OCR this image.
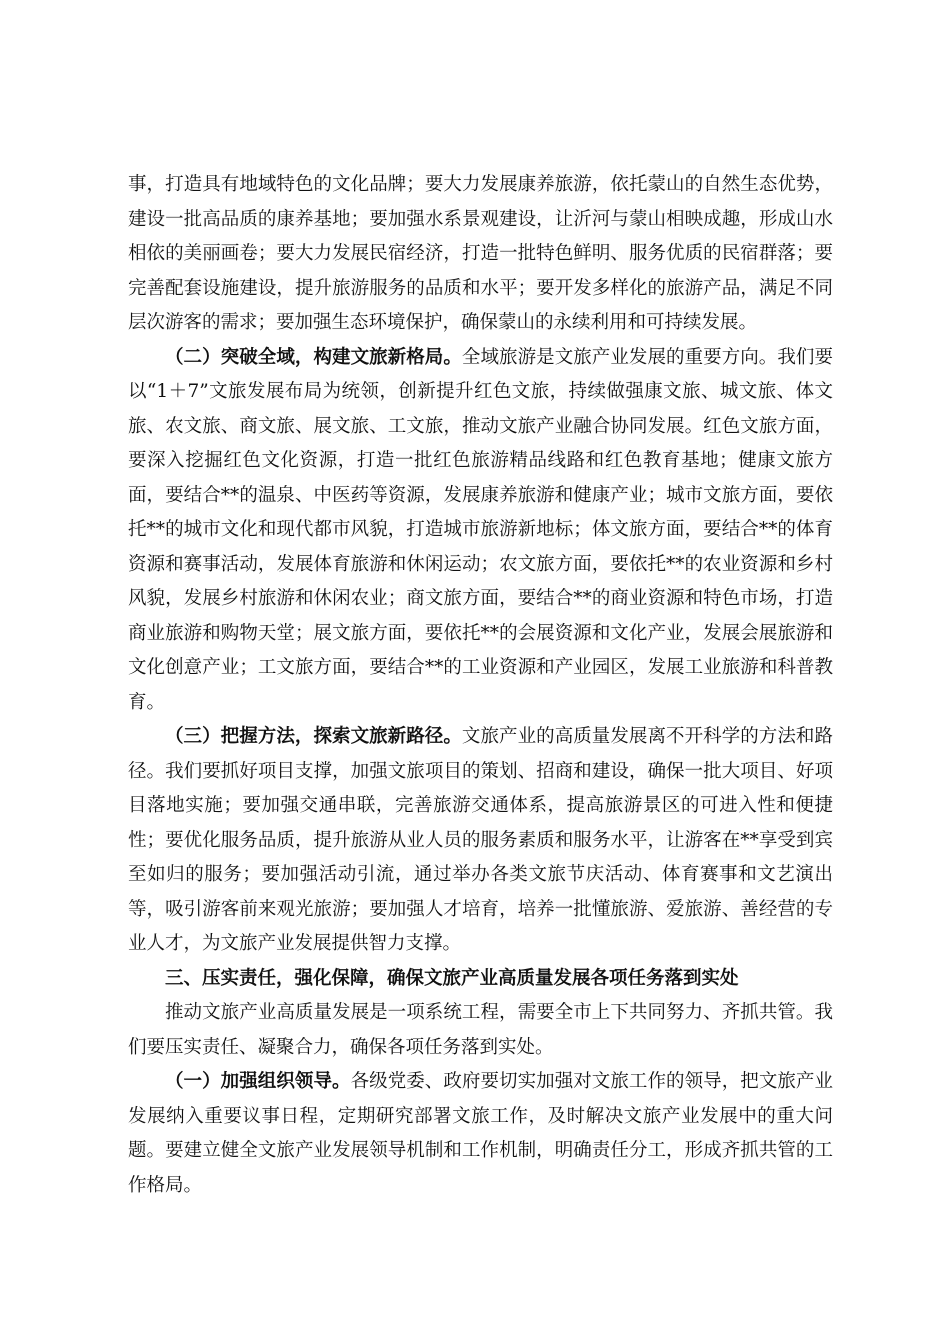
事，打造具有地域特色的文化品牌；要大力发展康养旅游，依托蒙山的自然生态优势，建设一批高品质的康养基地；要加强水系景观建设，让沂河与蒙山相映成趣，形成山水相依的美丽画卷；要大力发展民宿经济，打造一批特色鲜明、服务优质的民宿群落；要完善配套设施建设，提升旅游服务的品质和水平；要开发多样化的旅游产品，满足不同层次游客的需求；要加强生态环境保护，确保蒙山的永续利用和可持续发展。

（二）突破全域，构建文旅新格局。全域旅游是文旅产业发展的重要方向。我们要以“1＋7”文旅发展布局为统领，创新提升红色文旅，持续做强康文旅、城文旅、体文旅、农文旅、商文旅、展文旅、工文旅，推动文旅产业融合协同发展。红色文旅方面，要深入挖掘红色文化资源，打造一批红色旅游精品线路和红色教育基地；健康文旅方面，要结合**的温泉、中医药等资源，发展康养旅游和健康产业；城市文旅方面，要依托**的城市文化和现代都市风貌，打造城市旅游新地标；体文旅方面，要结合**的体育资源和赛事活动，发展体育旅游和休闲运动；农文旅方面，要依托**的农业资源和乡村风貌，发展乡村旅游和休闲农业；商文旅方面，要结合**的商业资源和特色市场，打造商业旅游和购物天堂；展文旅方面，要依托**的会展资源和文化产业，发展会展旅游和文化创意产业；工文旅方面，要结合**的工业资源和产业园区，发展工业旅游和科普教育。

（三）把握方法，探索文旅新路径。文旅产业的高质量发展离不开科学的方法和路径。我们要抓好项目支撑，加强文旅项目的策划、招商和建设，确保一批大项目、好项目落地实施；要加强交通串联，完善旅游交通体系，提高旅游景区的可进入性和便捷性；要优化服务品质，提升旅游从业人员的服务素质和服务水平，让游客在**享受到宾至如归的服务；要加强活动引流，通过举办各类文旅节庆活动、体育赛事和文艺演出等，吸引游客前来观光旅游；要加强人才培育，培养一批懂旅游、爱旅游、善经营的专业人才，为文旅产业发展提供智力支撑。

三、压实责任，强化保障，确保文旅产业高质量发展各项任务落到实处

推动文旅产业高质量发展是一项系统工程，需要全市上下共同努力、齐抓共管。我们要压实责任、凝聚合力，确保各项任务落到实处。

（一）加强组织领导。各级党委、政府要切实加强对文旅工作的领导，把文旅产业发展纳入重要议事日程，定期研究部署文旅工作，及时解决文旅产业发展中的重大问题。要建立健全文旅产业发展领导机制和工作机制，明确责任分工，形成齐抓共管的工作格局。
